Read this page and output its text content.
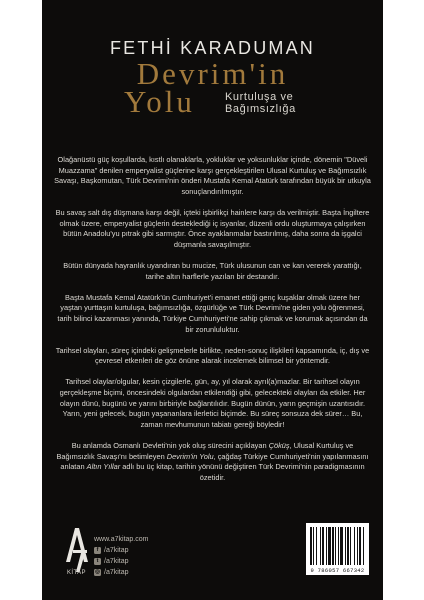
FETHİ KARADUMAN
Devrim'in
Yolu	Kurtuluşa ve
Bağımsızlığa

Olağanüstü güç koşullarda, kıstlı olanaklarla, yokluklar ve yoksunluklar içinde, dönemin "Düveli Muazzama" denilen emperyalist güçlerine karşı gerçekleştirilen Ulusal Kurtuluş ve Bağımsızlık Savaşı, Başkomutan, Türk Devrimi'nin önderi Mustafa Kemal Atatürk tarafından büyük bir utkuyla sonuçlandırılmıştır.

Bu savaş salt dış düşmana karşı değil, içteki işbirlikçi hainlere karşı da verilmiştir. Başta İngiltere olmak üzere, emperyalist güçlerin desteklediği iç isyanlar, düzenli ordu oluşturmaya çalışırken bütün Anadolu'yu pıtrak gibi sarmıştır. Önce ayaklanmalar bastırılmış, daha sonra da işgalci düşmanla savaşılmıştır.

Bütün dünyada hayranlık uyandıran bu mucize, Türk ulusunun can ve kan vererek yarattığı, tarihe altın harflerle yazılan bir destandır.

Başta Mustafa Kemal Atatürk'ün Cumhuriyet'i emanet ettiği genç kuşaklar olmak üzere her yaştan yurttaşın kurtuluşa, bağımsızlığa, özgürlüğe ve Türk Devrimi'ne giden yolu öğrenmesi, tarih bilinci kazanması yanında, Türkiye Cumhuriyeti'ne sahip çıkmak ve korumak açısından da bir zorunluluktur.

Tarihsel olayları, süreç içindeki gelişmelerle birlikte, neden-sonuç ilişkileri kapsamında, iç, dış ve çevresel etkenleri de göz önüne alarak incelemek bilimsel bir yöntemdir.

Tarihsel olaylar/olgular, kesin çizgilerle, gün, ay, yıl olarak ayrıl(a)mazlar. Bir tarihsel olayın gerçekleşme biçimi, öncesindeki olgulardan etkilendiği gibi, gelecekteki olayları da etkiler. Her olayın dünü, bugünü ve yarını birbiriyle bağlantılıdır. Bugün dünün, yarın geçmişin uzantısıdır. Yarın, yeni gelecek, bugün yaşananlara ilerletici biçimde. Bu süreç sonsuza dek sürer… Bu, zaman mevhumunun tabiatı gereği böyledir!

Bu anlamda Osmanlı Devleti'nin yok oluş sürecini açıklayan Çöküş, Ulusal Kurtuluş ve Bağımsızlık Savaşı'nı betimleyen Devrim'in Yolu, çağdaş Türkiye Cumhuriyeti'nin yapılanmasını anlatan Altın Yıllar adlı bu üç kitap, tarihin yönünü değiştiren Türk Devrimi'nin paradigmasının özetidir.

KİTAP
www.a7kitap.com
f /a7kitap
t /a7kitap
◎ /a7kitap	9 786057 667342
